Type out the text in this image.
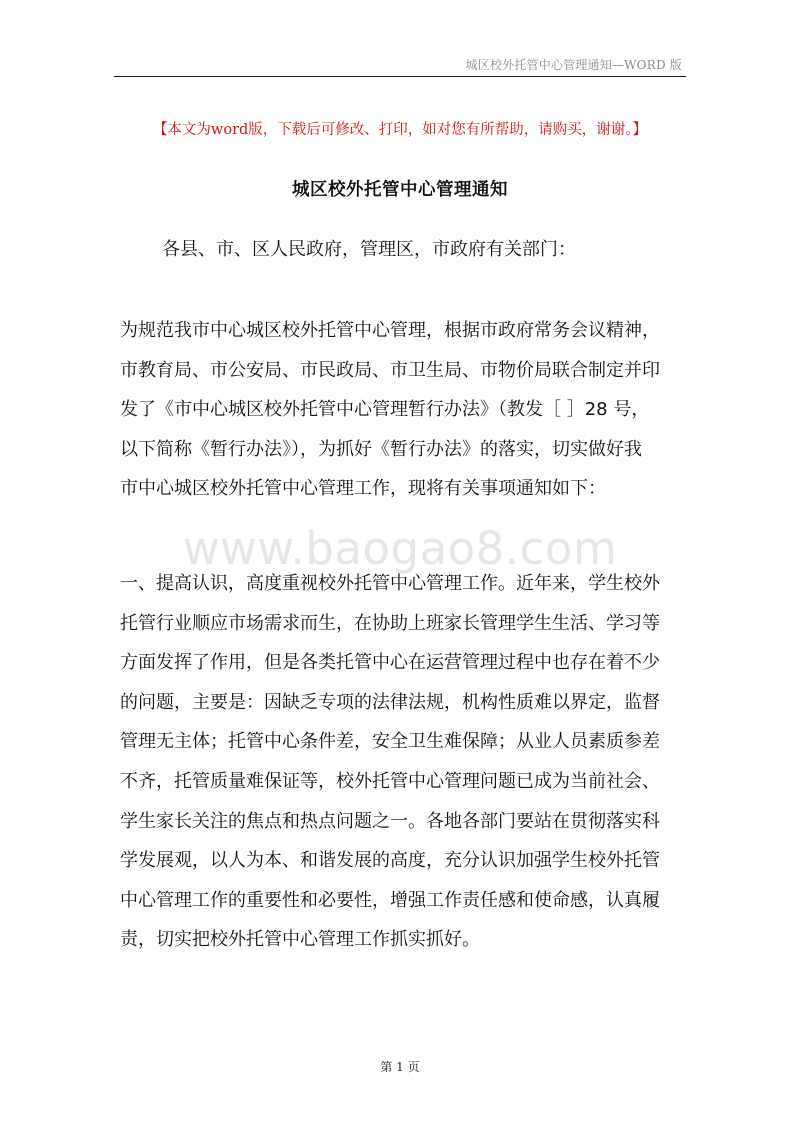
城区校外托管中心管理通知—WORD 版
【本文为word版，下载后可修改、打印，如对您有所帮助，请购买，谢谢。】
城区校外托管中心管理通知
各县、市、区人民政府，管理区，市政府有关部门：

为规范我市中心城区校外托管中心管理，根据市政府常务会议精神，

市教育局、市公安局、市民政局、市卫生局、市物价局联合制定并印

发了《市中心城区校外托管中心管理暂行办法》（教发［ ］28 号，

以下简称《暂行办法》），为抓好《暂行办法》的落实，切实做好我

市中心城区校外托管中心管理工作，现将有关事项通知如下：

www.baogao8.com

一、提高认识，高度重视校外托管中心管理工作。近年来，学生校外

托管行业顺应市场需求而生，在协助上班家长管理学生生活、学习等

方面发挥了作用，但是各类托管中心在运营管理过程中也存在着不少

的问题，主要是：因缺乏专项的法律法规，机构性质难以界定，监督

管理无主体；托管中心条件差，安全卫生难保障；从业人员素质参差

不齐，托管质量难保证等，校外托管中心管理问题已成为当前社会、

学生家长关注的焦点和热点问题之一。各地各部门要站在贯彻落实科

学发展观，以人为本、和谐发展的高度，充分认识加强学生校外托管

中心管理工作的重要性和必要性，增强工作责任感和使命感，认真履

责，切实把校外托管中心管理工作抓实抓好。

第 1 页
